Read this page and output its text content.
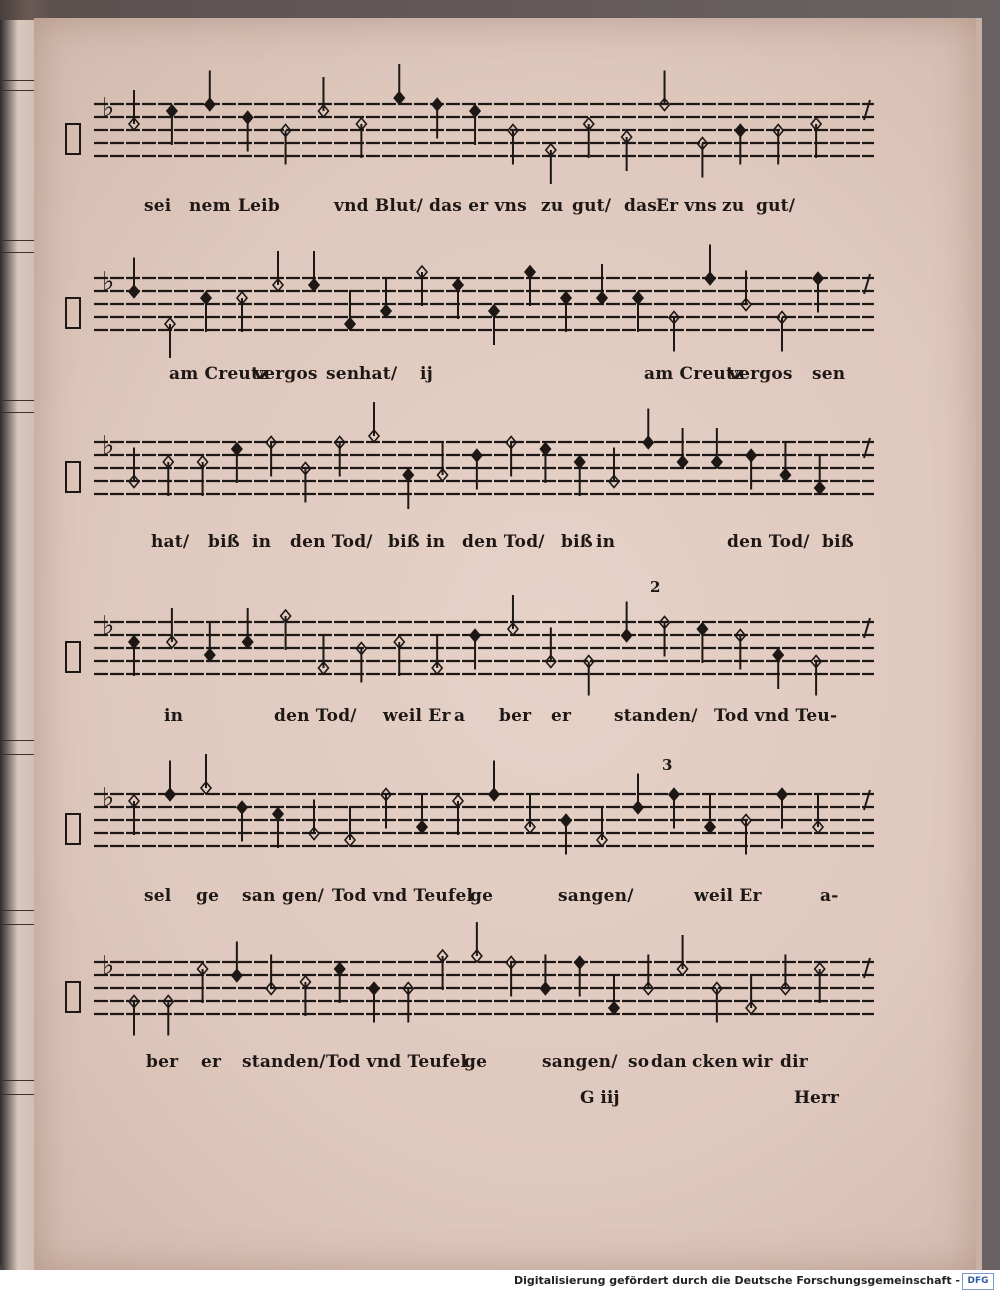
♭
sei nem Leib	vnd Blut/ das er vns zu gut/ das
Er vns zu gut/
♭
am Creutz
vergos sen hat/ ij	am Creutz
vergos sen
♭
hat/ biß in den Tod/ biß in den Tod/ biß in	den Tod/ biß
♭
in	den Tod/ weil Er a ber er	standen/ Tod vnd Teu-
♭
sel ge san gen/ Tod vnd Teufel
ge	sangen/	weil Er	a-
♭
ber er standen/ Tod vnd Teufel
ge	sangen/ so dan cken wir dir
2
3
G iij	Herr
Digitalisierung gefördert durch die Deutsche Forschungsgemeinschaft - DFG
